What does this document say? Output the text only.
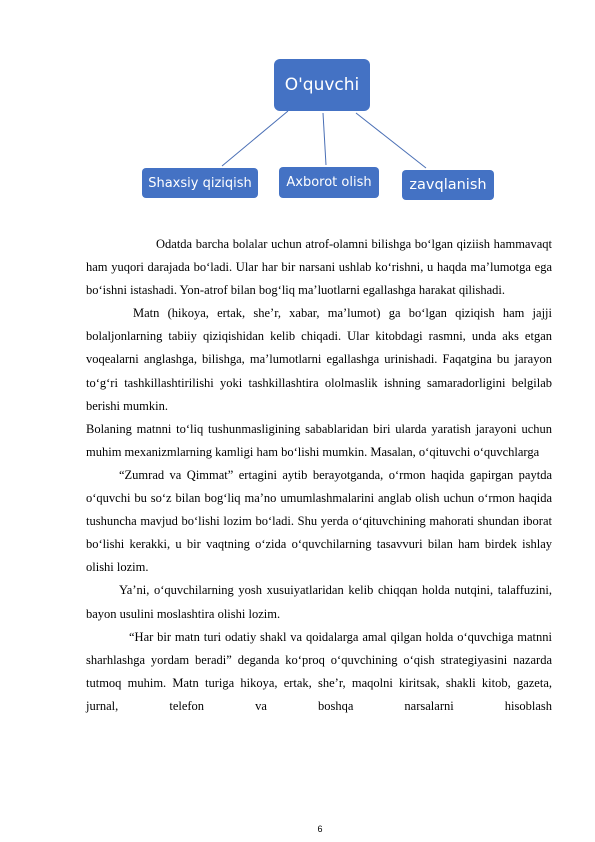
O'quvchi
Shaxsiy qiziqish	Axborot olish	zavqlanish

Odatda barcha bolalar uchun atrof-olamni bilishga bo‘lgan qiziish hammavaqt ham yuqori darajada bo‘ladi. Ular har bir narsani ushlab ko‘rishni, u haqda ma’lumotga ega bo‘ishni istashadi. Yon-atrof bilan bog‘liq ma’luotlarni egallashga harakat qilishadi.

Matn (hikoya, ertak, she’r, xabar, ma’lumot) ga bo‘lgan qiziqish ham jajji bolaljonlarning tabiiy qiziqishidan kelib chiqadi. Ular kitobdagi rasmni, unda aks etgan voqealarni anglashga, bilishga, ma’lumotlarni egallashga urinishadi. Faqatgina bu jarayon to‘g‘ri tashkillashtirilishi yoki tashkillashtira ololmaslik ishning samaradorligini belgilab berishi mumkin.

Bolaning matnni to‘liq tushunmasligining sabablaridan biri ularda yaratish jarayoni uchun muhim mexanizmlarning kamligi ham bo‘lishi mumkin. Masalan, o‘qituvchi o‘quvchlarga

“Zumrad va Qimmat” ertagini aytib berayotganda, o‘rmon haqida gapirgan paytda o‘quvchi bu so‘z bilan bog‘liq ma’no umumlashmalarini anglab olish uchun o‘rmon haqida tushuncha mavjud bo‘lishi lozim bo‘ladi. Shu yerda o‘qituvchining mahorati shundan iborat bo‘lishi kerakki, u bir vaqtning o‘zida o‘quvchilarning tasavvuri bilan ham birdek ishlay olishi lozim.

Ya’ni, o‘quvchilarning yosh xusuiyatlaridan kelib chiqqan holda nutqini, talaffuzini, bayon usulini moslashtira olishi lozim.

“Har bir matn turi odatiy shakl va qoidalarga amal qilgan holda o‘quvchiga matnni sharhlashga yordam beradi” deganda ko‘proq o‘quvchining o‘qish strategiyasini nazarda tutmoq muhim. Matn turiga hikoya, ertak, she’r, maqolni kiritsak, shakli kitob, gazeta, jurnal, telefon va boshqa narsalarni hisoblash

6
